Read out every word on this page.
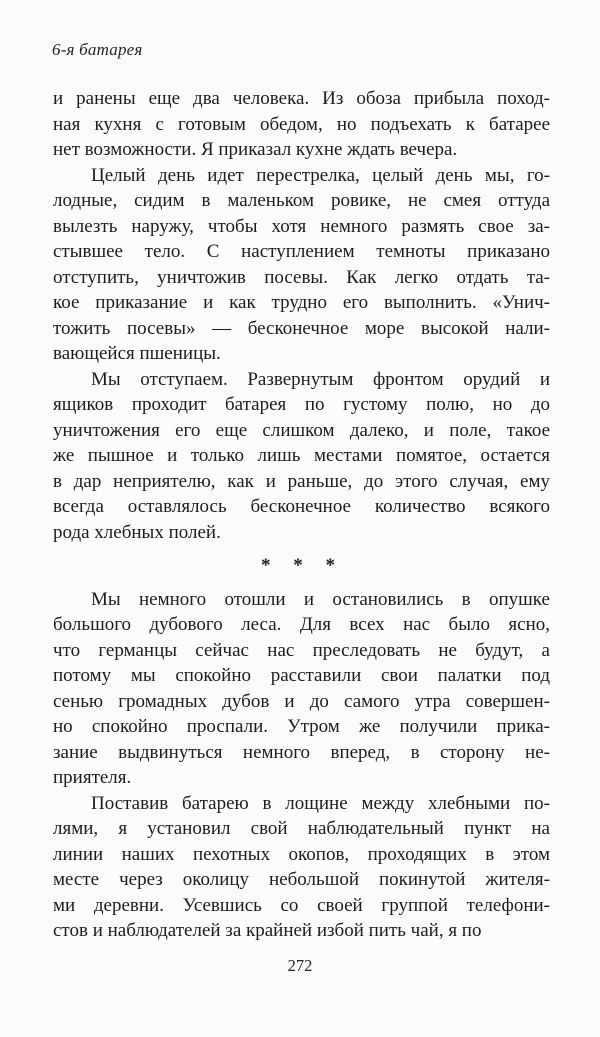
6-я батарея
и ранены еще два человека. Из обоза прибыла поход-
ная кухня с готовым обедом, но подъехать к батарее
нет возможности. Я приказал кухне ждать вечера.
Целый день идет перестрелка, целый день мы, го-
лодные, сидим в маленьком ровике, не смея оттуда
вылезть наружу, чтобы хотя немного размять свое за-
стывшее тело. С наступлением темноты приказано
отступить, уничтожив посевы. Как легко отдать та-
кое приказание и как трудно его выполнить. «Унич-
тожить посевы» — бесконечное море высокой нали-
вающейся пшеницы.
Мы отступаем. Развернутым фронтом орудий и
ящиков проходит батарея по густому полю, но до
уничтожения его еще слишком далеко, и поле, такое
же пышное и только лишь местами помятое, остается
в дар неприятелю, как и раньше, до этого случая, ему
всегда оставлялось бесконечное количество всякого
рода хлебных полей.
* * *
Мы немного отошли и остановились в опушке
большого дубового леса. Для всех нас было ясно,
что германцы сейчас нас преследовать не будут, а
потому мы спокойно расставили свои палатки под
сенью громадных дубов и до самого утра совершен-
но спокойно проспали. Утром же получили прика-
зание выдвинуться немного вперед, в сторону не-
приятеля.
Поставив батарею в лощине между хлебными по-
лями, я установил свой наблюдательный пункт на
линии наших пехотных окопов, проходящих в этом
месте через околицу небольшой покинутой жителя-
ми деревни. Усевшись со своей группой телефони-
стов и наблюдателей за крайней избой пить чай, я по
272
